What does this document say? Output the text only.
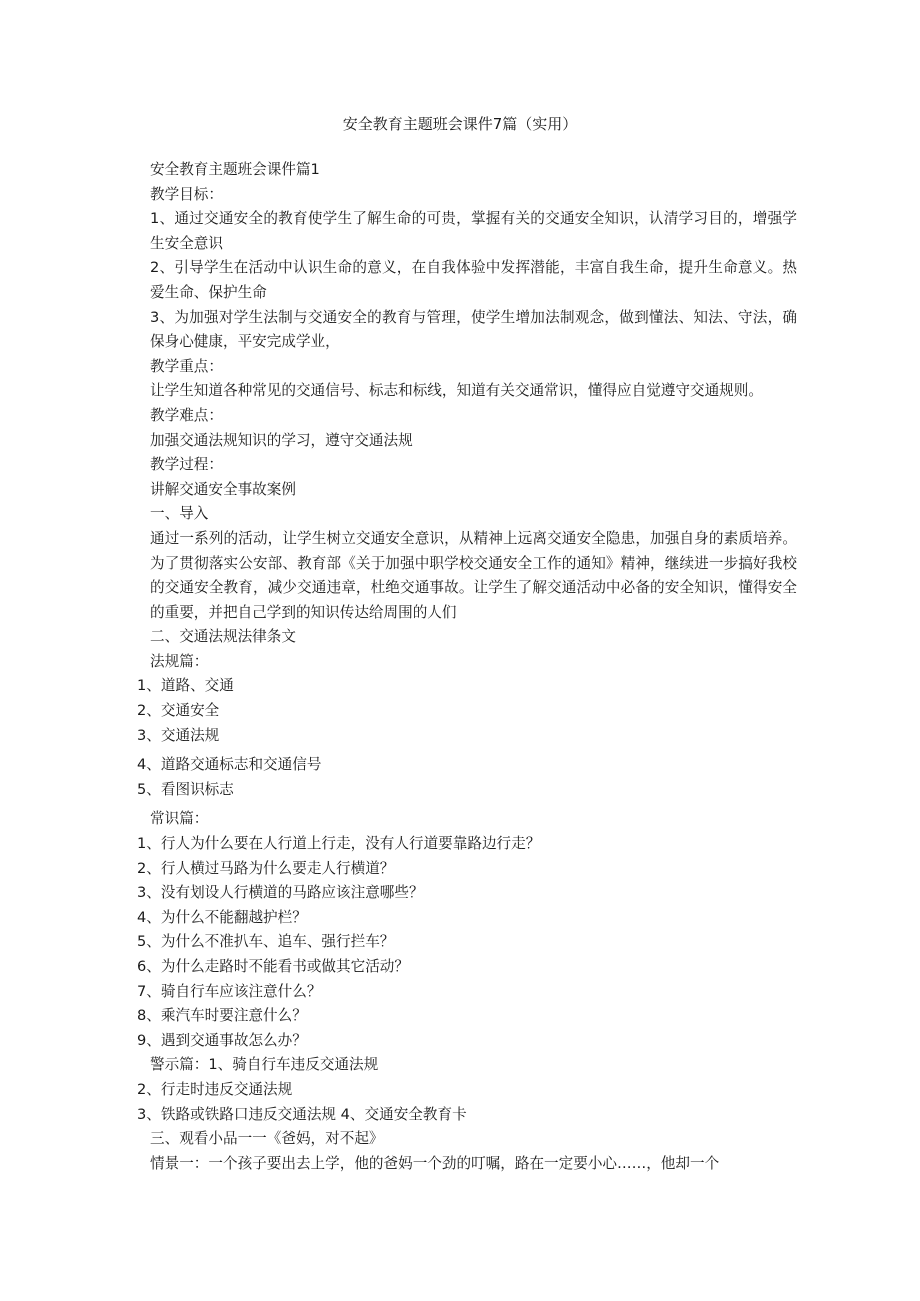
安全教育主题班会课件7篇（实用）
安全教育主题班会课件篇1
教学目标：
1、通过交通安全的教育使学生了解生命的可贵，掌握有关的交通安全知识，认清学习目的，增强学生安全意识
2、引导学生在活动中认识生命的意义，在自我体验中发挥潜能，丰富自我生命，提升生命意义。热爱生命、保护生命
3、为加强对学生法制与交通安全的教育与管理，使学生增加法制观念，做到懂法、知法、守法，确保身心健康，平安完成学业，
教学重点：
让学生知道各种常见的交通信号、标志和标线，知道有关交通常识，懂得应自觉遵守交通规则。
教学难点：
加强交通法规知识的学习，遵守交通法规
教学过程：
讲解交通安全事故案例
一、导入
通过一系列的活动，让学生树立交通安全意识，从精神上远离交通安全隐患，加强自身的素质培养。为了贯彻落实公安部、教育部《关于加强中职学校交通安全工作的通知》精神，继续进一步搞好我校的交通安全教育，减少交通违章，杜绝交通事故。让学生了解交通活动中必备的安全知识，懂得安全的重要，并把自己学到的知识传达给周围的人们
二、交通法规法律条文
法规篇：
1、道路、交通
2、交通安全
3、交通法规
4、道路交通标志和交通信号
5、看图识标志
常识篇：
1、行人为什么要在人行道上行走，没有人行道要靠路边行走？
2、行人横过马路为什么要走人行横道？
3、没有划设人行横道的马路应该注意哪些？
4、为什么不能翻越护栏？
5、为什么不准扒车、追车、强行拦车？
6、为什么走路时不能看书或做其它活动？
7、骑自行车应该注意什么？
8、乘汽车时要注意什么？
9、遇到交通事故怎么办？
警示篇：1、骑自行车违反交通法规
2、行走时违反交通法规
3、铁路或铁路口违反交通法规 4、交通安全教育卡
三、观看小品一一《爸妈，对不起》
情景一：一个孩子要出去上学，他的爸妈一个劲的叮嘱，路在一定要小心……，他却一个
